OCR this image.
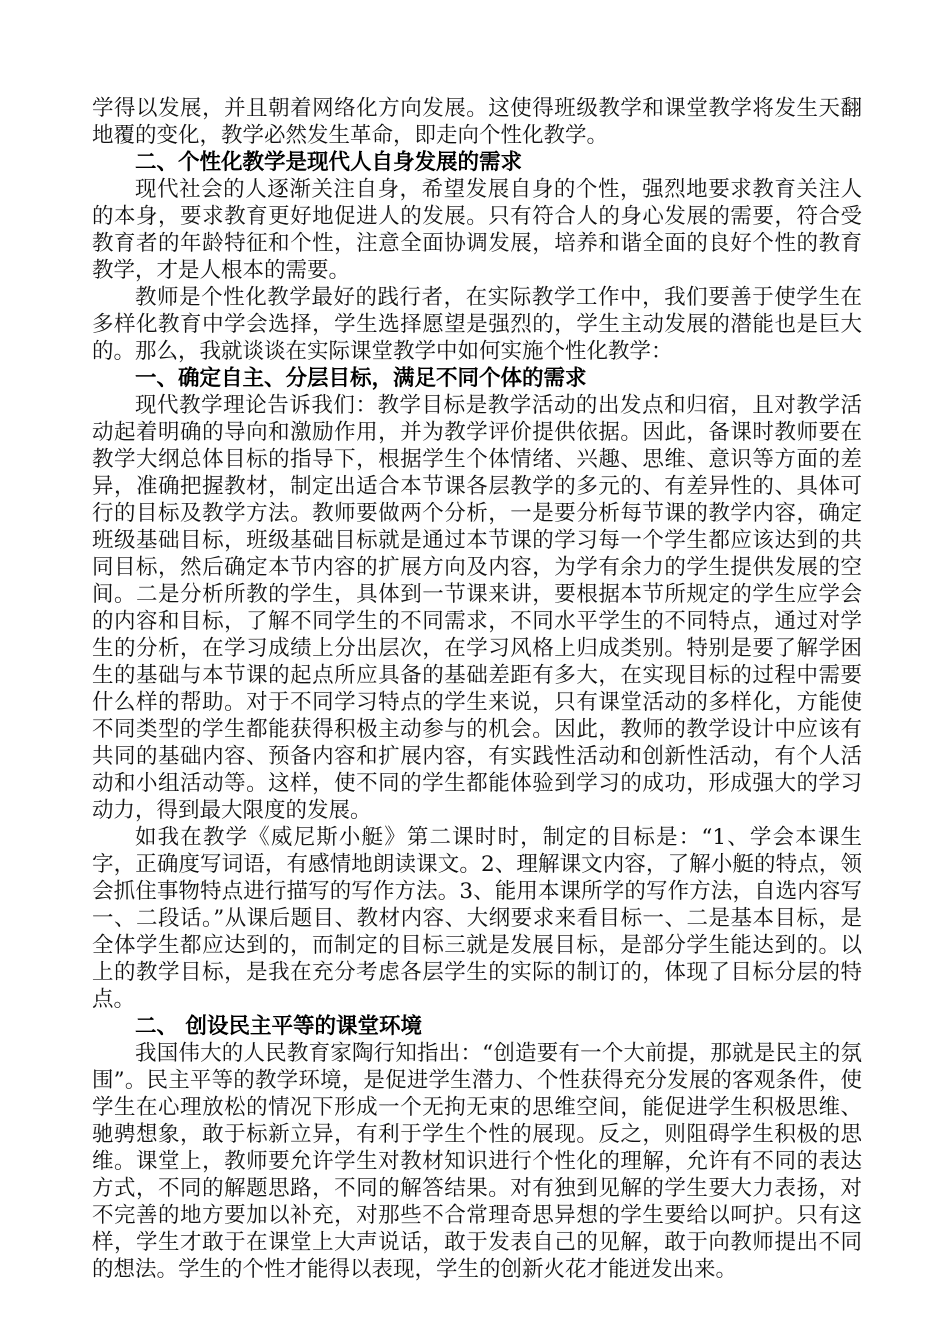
学得以发展，并且朝着网络化方向发展。这使得班级教学和课堂教学将发生天翻地覆的变化，教学必然发生革命，即走向个性化教学。

二、个性化教学是现代人自身发展的需求

现代社会的人逐渐关注自身，希望发展自身的个性，强烈地要求教育关注人的本身，要求教育更好地促进人的发展。只有符合人的身心发展的需要，符合受教育者的年龄特征和个性，注意全面协调发展，培养和谐全面的良好个性的教育教学，才是人根本的需要。

教师是个性化教学最好的践行者，在实际教学工作中，我们要善于使学生在多样化教育中学会选择，学生选择愿望是强烈的，学生主动发展的潜能也是巨大的。那么，我就谈谈在实际课堂教学中如何实施个性化教学：

一、确定自主、分层目标，满足不同个体的需求

现代教学理论告诉我们：教学目标是教学活动的出发点和归宿，且对教学活动起着明确的导向和激励作用，并为教学评价提供依据。因此，备课时教师要在教学大纲总体目标的指导下，根据学生个体情绪、兴趣、思维、意识等方面的差异，准确把握教材，制定出适合本节课各层教学的多元的、有差异性的、具体可行的目标及教学方法。教师要做两个分析，一是要分析每节课的教学内容，确定班级基础目标，班级基础目标就是通过本节课的学习每一个学生都应该达到的共同目标，然后确定本节内容的扩展方向及内容，为学有余力的学生提供发展的空间。二是分析所教的学生，具体到一节课来讲，要根据本节所规定的学生应学会的内容和目标，了解不同学生的不同需求，不同水平学生的不同特点，通过对学生的分析，在学习成绩上分出层次，在学习风格上归成类别。特别是要了解学困生的基础与本节课的起点所应具备的基础差距有多大，在实现目标的过程中需要什么样的帮助。对于不同学习特点的学生来说，只有课堂活动的多样化，方能使不同类型的学生都能获得积极主动参与的机会。因此，教师的教学设计中应该有共同的基础内容、预备内容和扩展内容，有实践性活动和创新性活动，有个人活动和小组活动等。这样，使不同的学生都能体验到学习的成功，形成强大的学习动力，得到最大限度的发展。

如我在教学《威尼斯小艇》第二课时时，制定的目标是：“1、学会本课生字，正确度写词语，有感情地朗读课文。2、理解课文内容，了解小艇的特点，领会抓住事物特点进行描写的写作方法。3、能用本课所学的写作方法，自选内容写一、二段话。”从课后题目、教材内容、大纲要求来看目标一、二是基本目标，是全体学生都应达到的，而制定的目标三就是发展目标，是部分学生能达到的。以上的教学目标，是我在充分考虑各层学生的实际的制订的，体现了目标分层的特点。

二、 创设民主平等的课堂环境

我国伟大的人民教育家陶行知指出：“创造要有一个大前提，那就是民主的氛围”。民主平等的教学环境，是促进学生潜力、个性获得充分发展的客观条件，使学生在心理放松的情况下形成一个无拘无束的思维空间，能促进学生积极思维、驰骋想象，敢于标新立异，有利于学生个性的展现。反之，则阻碍学生积极的思维。课堂上，教师要允许学生对教材知识进行个性化的理解，允许有不同的表达方式，不同的解题思路，不同的解答结果。对有独到见解的学生要大力表扬，对不完善的地方要加以补充，对那些不合常理奇思异想的学生要给以呵护。只有这样，学生才敢于在课堂上大声说话，敢于发表自己的见解，敢于向教师提出不同的想法。学生的个性才能得以表现，学生的创新火花才能迸发出来。
